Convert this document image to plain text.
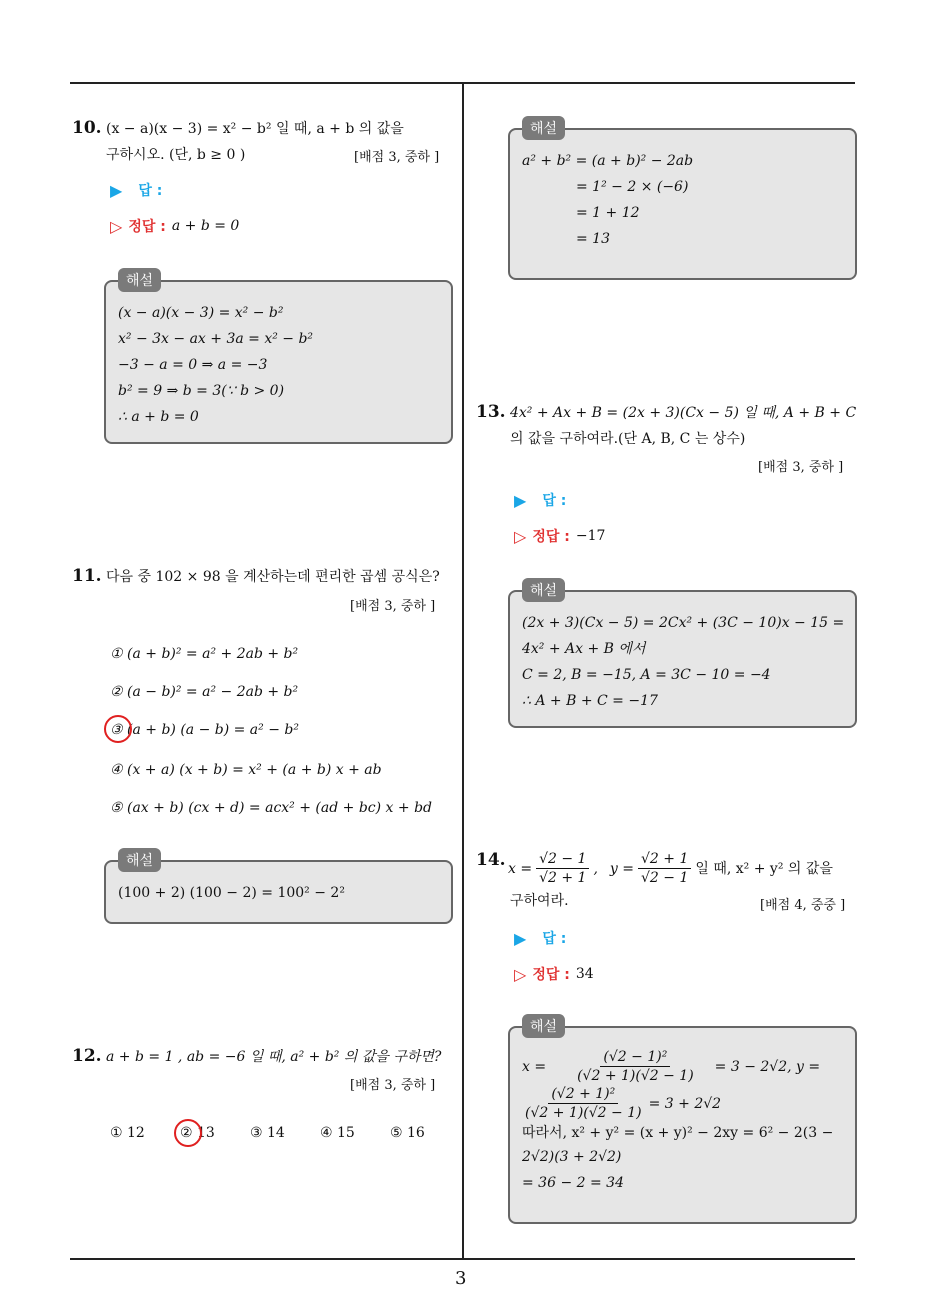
3
10. (x − a)(x − 3) = x² − b² 일 때, a + b 의 값을
구하시오. (단, b ≥ 0 )	[배점 3, 중하 ]
▶ 답 :
▷ 정답 : a + b = 0
해설
(x − a)(x − 3) = x² − b²
x² − 3x − ax + 3a = x² − b²
−3 − a = 0 ⇒ a = −3
b² = 9 ⇒ b = 3(∵ b > 0)
∴ a + b = 0
11. 다음 중 102 × 98 을 계산하는데 편리한 곱셈 공식은?
[배점 3, 중하 ]
① (a + b)² = a² + 2ab + b²
② (a − b)² = a² − 2ab + b²
③ (a + b) (a − b) = a² − b²
④ (x + a) (x + b) = x² + (a + b) x + ab
⑤ (ax + b) (cx + d) = acx² + (ad + bc) x + bd
해설
(100 + 2) (100 − 2) = 100² − 2²
12. a + b = 1 , ab = −6 일 때, a² + b² 의 값을 구하면?
[배점 3, 중하 ]
① 12	② 13	③ 14	④ 15	⑤ 16
해설
a² + b² = (a + b)² − 2ab
= 1² − 2 × (−6)
= 1 + 12
= 13
13. 4x² + Ax + B = (2x + 3)(Cx − 5) 일 때, A + B + C
의 값을 구하여라.(단 A, B, C 는 상수)
[배점 3, 중하 ]
▶ 답 :
▷ 정답 : −17
해설
(2x + 3)(Cx − 5) = 2Cx² + (3C − 10)x − 15 =
4x² + Ax + B 에서
C = 2, B = −15, A = 3C − 10 = −4
∴ A + B + C = −17
14. $x = \frac{√2 - 1}{√2 + 1}$ , $y = \frac{√2 + 1}{√2 - 1}$ 일 때, x² + y² 의 값을
구하여라.	[배점 4, 중중 ]
▶ 답 :
▷ 정답 : 34
해설
$x = \frac{\text{(√2 − 1)²}}{(√2 + 1)(√2 - 1)} = 3 - 2√2$, y =
$\frac{\text{(√2 + 1)²}}{(√2 + 1)(√2 - 1)} = 3 + 2√2$
따라서, x² + y² = (x + y)² − 2xy = 6² − 2(3 −
2√2)(3 + 2√2)
= 36 − 2 = 34
